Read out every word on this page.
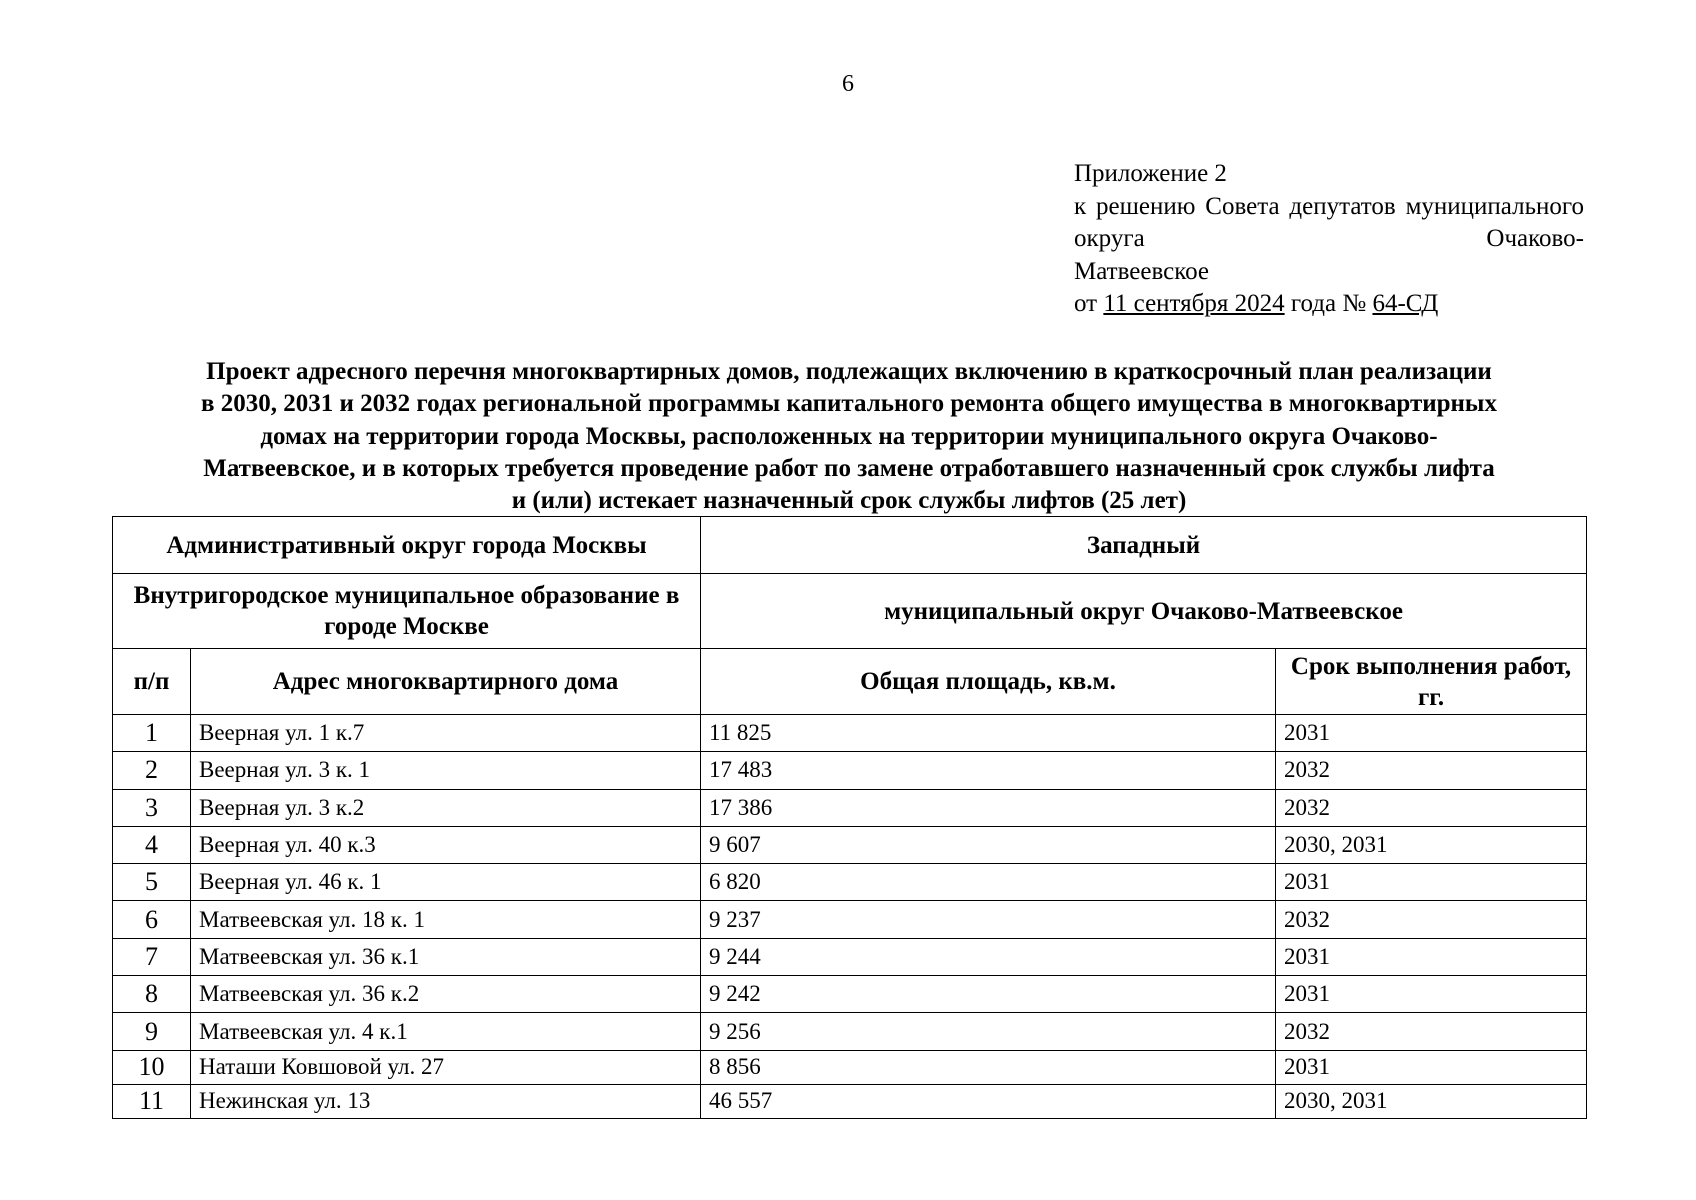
6
Приложение 2
к решению Совета депутатов муниципального округа Очаково-
Матвеевское
от 11 сентября 2024 года № 64-СД
Проект адресного перечня многоквартирных домов, подлежащих включению в краткосрочный план реализации
в 2030, 2031 и 2032 годах региональной программы капитального ремонта общего имущества в многоквартирных
домах на территории города Москвы, расположенных на территории муниципального округа Очаково-
Матвеевское, и в которых требуется проведение работ по замене отработавшего назначенный срок службы лифта
и (или) истекает назначенный срок службы лифтов (25 лет)
Административный округ города Москвы		Западный	
Внутригородское муниципальное образование в городе Москве		муниципальный округ Очаково-Матвеевское	
п/п	Адрес многоквартирного дома	Общая площадь, кв.м.	Срок выполнения работ, гг.
1	Веерная ул. 1 к.7	11 825	2031
2	Веерная ул. 3 к. 1	17 483	2032
3	Веерная ул. 3 к.2	17 386	2032
4	Веерная ул. 40 к.3	9 607	2030, 2031
5	Веерная ул. 46 к. 1	6 820	2031
6	Матвеевская ул. 18 к. 1	9 237	2032
7	Матвеевская ул. 36 к.1	9 244	2031
8	Матвеевская ул. 36 к.2	9 242	2031
9	Матвеевская ул. 4 к.1	9 256	2032
10	Наташи Ковшовой ул. 27	8 856	2031
11	Нежинская ул. 13	46 557	2030, 2031
